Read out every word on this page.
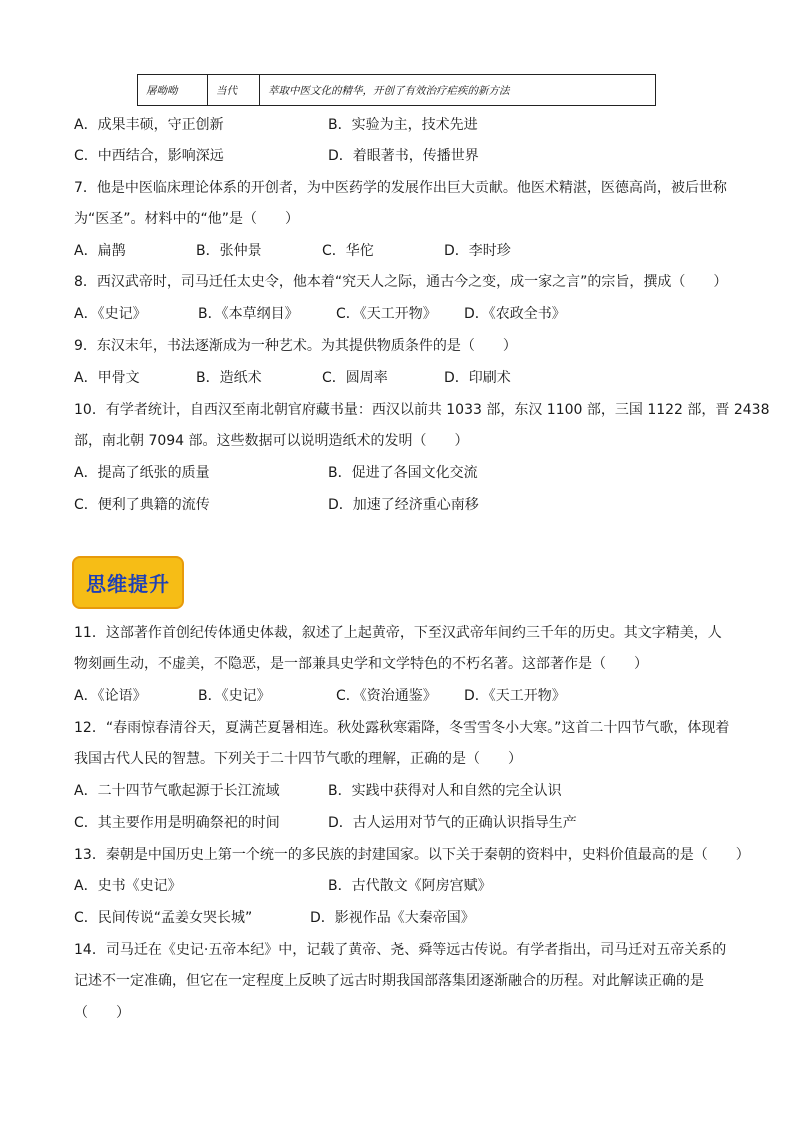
屠呦呦	当代	萃取中医文化的精华，开创了有效治疗疟疾的新方法
A．成果丰硕，守正创新	B．实验为主，技术先进
C．中西结合，影响深远	D．着眼著书，传播世界
7．他是中医临床理论体系的开创者，为中医药学的发展作出巨大贡献。他医术精湛，医德高尚，被后世称
为“医圣”。材料中的“他”是（　　）
A．扁鹊	B．张仲景	C．华佗	D．李时珍
8．西汉武帝时，司马迁任太史令，他本着“究天人之际，通古今之变，成一家之言”的宗旨，撰成（　　）
A．《史记》	B．《本草纲目》	C．《天工开物》 D．《农政全书》
9．东汉末年，书法逐渐成为一种艺术。为其提供物质条件的是（　　）
A．甲骨文	B．造纸术	C．圆周率	D．印刷术
10．有学者统计，自西汉至南北朝官府藏书量：西汉以前共 1033 部，东汉 1100 部，三国 1122 部，晋 2438
部，南北朝 7094 部。这些数据可以说明造纸术的发明（　　）
A．提高了纸张的质量	B．促进了各国文化交流
C．便利了典籍的流传	D．加速了经济重心南移
思维提升
11．这部著作首创纪传体通史体裁，叙述了上起黄帝，下至汉武帝年间约三千年的历史。其文字精美，人
物刻画生动，不虚美，不隐恶，是一部兼具史学和文学特色的不朽名著。这部著作是（　　）
A．《论语》	B．《史记》	C．《资治通鉴》 D．《天工开物》
12．“春雨惊春清谷天，夏满芒夏暑相连。秋处露秋寒霜降，冬雪雪冬小大寒。”这首二十四节气歌，体现着
我国古代人民的智慧。下列关于二十四节气歌的理解，正确的是（　　）
A．二十四节气歌起源于长江流域	B．实践中获得对人和自然的完全认识
C．其主要作用是明确祭祀的时间	D．古人运用对节气的正确认识指导生产
13．秦朝是中国历史上第一个统一的多民族的封建国家。以下关于秦朝的资料中，史料价值最高的是（　　）
A．史书《史记》	B．古代散文《阿房宫赋》
C．民间传说“孟姜女哭长城”	D．影视作品《大秦帝国》
14．司马迁在《史记·五帝本纪》中，记载了黄帝、尧、舜等远古传说。有学者指出，司马迁对五帝关系的
记述不一定准确，但它在一定程度上反映了远古时期我国部落集团逐渐融合的历程。对此解读正确的是
（　　）
